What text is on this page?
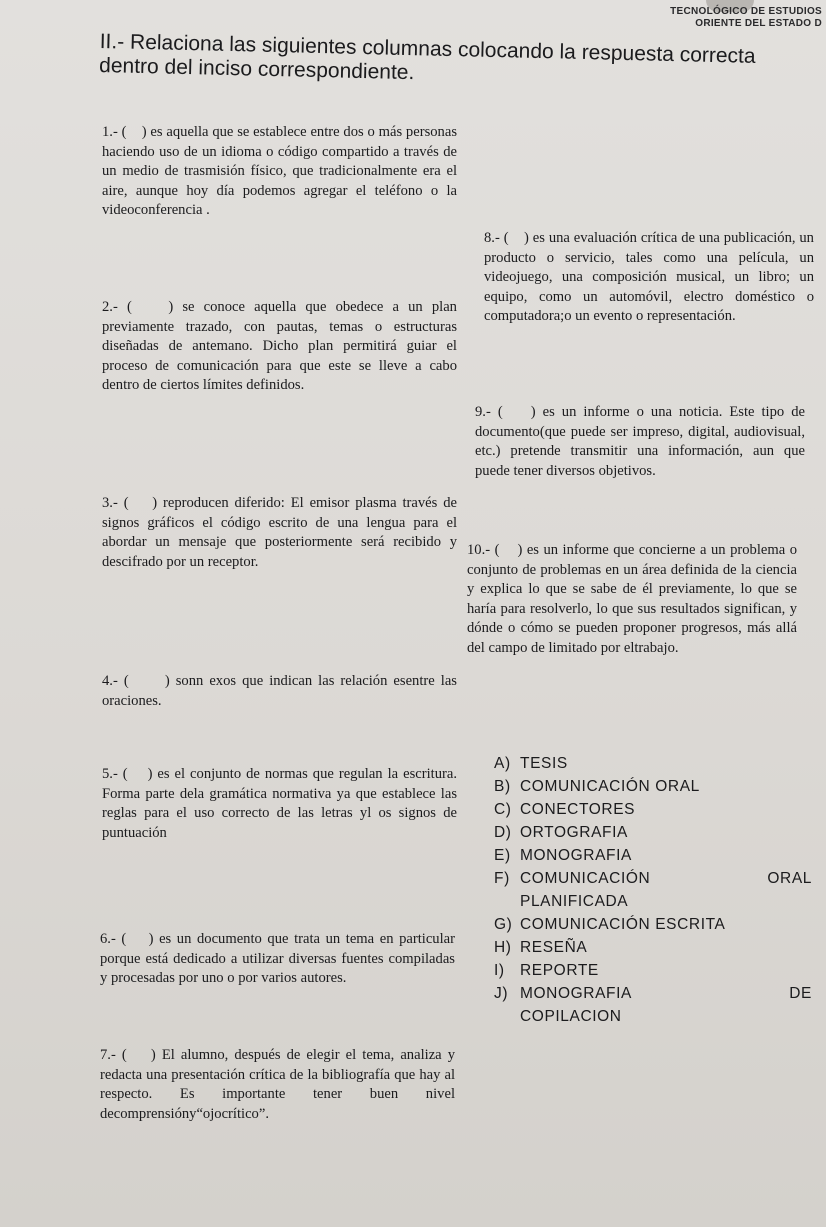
TECNOLÓGICO DE ESTUDIOS
ORIENTE DEL ESTADO D
II.- Relaciona las siguientes columnas colocando la respuesta correcta dentro del inciso correspondiente.

1.- (    ) es aquella que se establece entre dos o más personas haciendo uso de un idioma o código compartido a través de un medio de trasmisión físico, que tradicionalmente era el aire, aunque hoy día podemos agregar el teléfono o la videoconferencia .

2.- (    ) se conoce aquella que obedece a un plan previamente trazado, con pautas, temas o estructuras diseñadas de antemano. Dicho plan permitirá guiar el proceso de comunicación para que este se lleve a cabo dentro de ciertos límites definidos.

3.- (    ) reproducen diferido: El emisor plasma través de signos gráficos el código escrito de una lengua para el abordar un mensaje que posteriormente será recibido y descifrado por un receptor.

4.- (      ) sonn exos que indican las relación esentre las oraciones.

5.- (    ) es el conjunto de normas que regulan la escritura. Forma parte dela gramática normativa ya que establece las reglas para el uso correcto de las letras yl os signos de puntuación

6.- (    ) es un documento que trata un tema en particular porque está dedicado a utilizar diversas fuentes compiladas y procesadas por uno o por varios autores.

7.- (    ) El alumno, después de elegir el tema, analiza y redacta una presentación crítica de la bibliografía que hay al respecto. Es importante tener buen nivel decomprensióny“ojocrítico”.

8.- (    ) es una evaluación crítica de una publicación, un producto o servicio, tales como una película, un videojuego, una composición musical, un libro; un equipo, como un automóvil, electro doméstico o computadora;o un evento o representación.

9.- (    ) es un informe o una noticia. Este tipo de documento(que puede ser impreso, digital, audiovisual, etc.) pretende transmitir una información, aun que puede tener diversos objetivos.

10.- (    ) es un informe que concierne a un problema o conjunto de problemas en un área definida de la ciencia y explica lo que se sabe de él previamente, lo que se haría para resolverlo, lo que sus resultados significan, y dónde o cómo se pueden proponer progresos, más allá del campo de limitado por eltrabajo.

A) TESIS
B) COMUNICACIÓN ORAL
C) CONECTORES
D) ORTOGRAFIA
E) MONOGRAFIA
F) COMUNICACIÓN	ORAL
PLANIFICADA
G) COMUNICACIÓN ESCRITA
H) RESEÑA
I) REPORTE
J) MONOGRAFIA	DE
COPILACION
